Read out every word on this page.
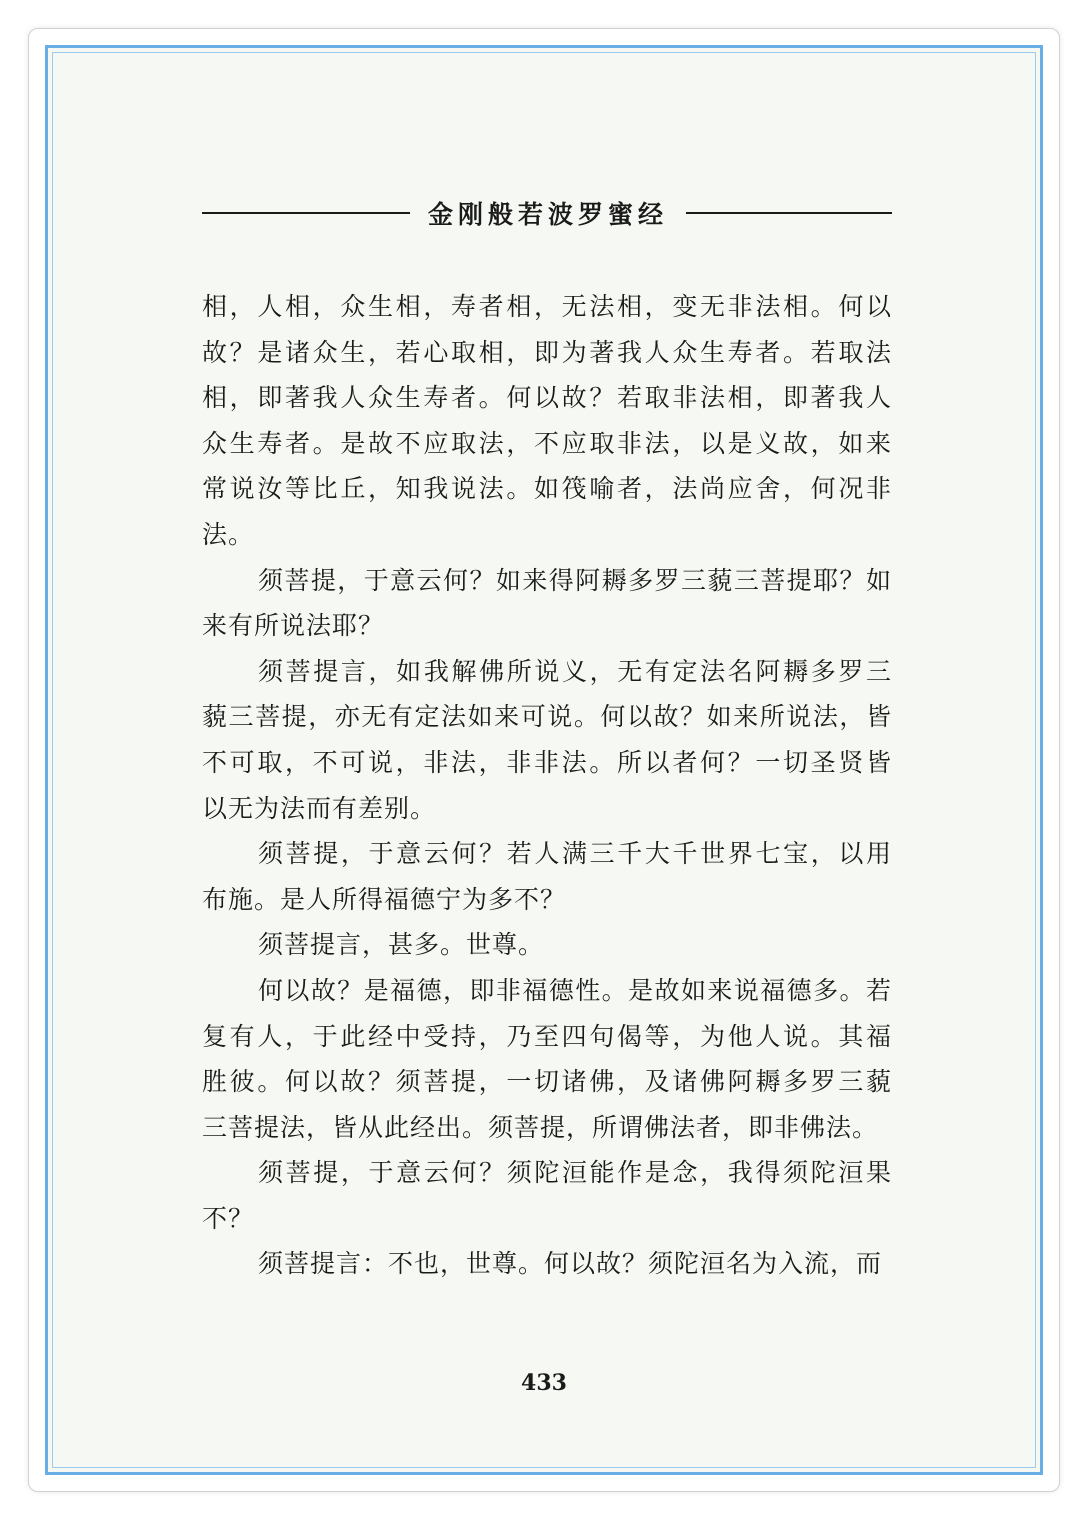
金刚般若波罗蜜经
相，人相，众生相，寿者相，无法相，变无非法相。何以
故？是诸众生，若心取相，即为著我人众生寿者。若取法
相，即著我人众生寿者。何以故？若取非法相，即著我人
众生寿者。是故不应取法，不应取非法，以是义故，如来
常说汝等比丘，知我说法。如筏喻者，法尚应舍，何况非
法。
须菩提，于意云何？如来得阿耨多罗三藐三菩提耶？如
来有所说法耶？
须菩提言，如我解佛所说义，无有定法名阿耨多罗三
藐三菩提，亦无有定法如来可说。何以故？如来所说法，皆
不可取，不可说，非法，非非法。所以者何？一切圣贤皆
以无为法而有差别。
须菩提，于意云何？若人满三千大千世界七宝，以用
布施。是人所得福德宁为多不？
须菩提言，甚多。世尊。
何以故？是福德，即非福德性。是故如来说福德多。若
复有人，于此经中受持，乃至四句偈等，为他人说。其福
胜彼。何以故？须菩提，一切诸佛，及诸佛阿耨多罗三藐
三菩提法，皆从此经出。须菩提，所谓佛法者，即非佛法。
须菩提，于意云何？须陀洹能作是念，我得须陀洹果
不？
须菩提言：不也，世尊。何以故？须陀洹名为入流，而
433
